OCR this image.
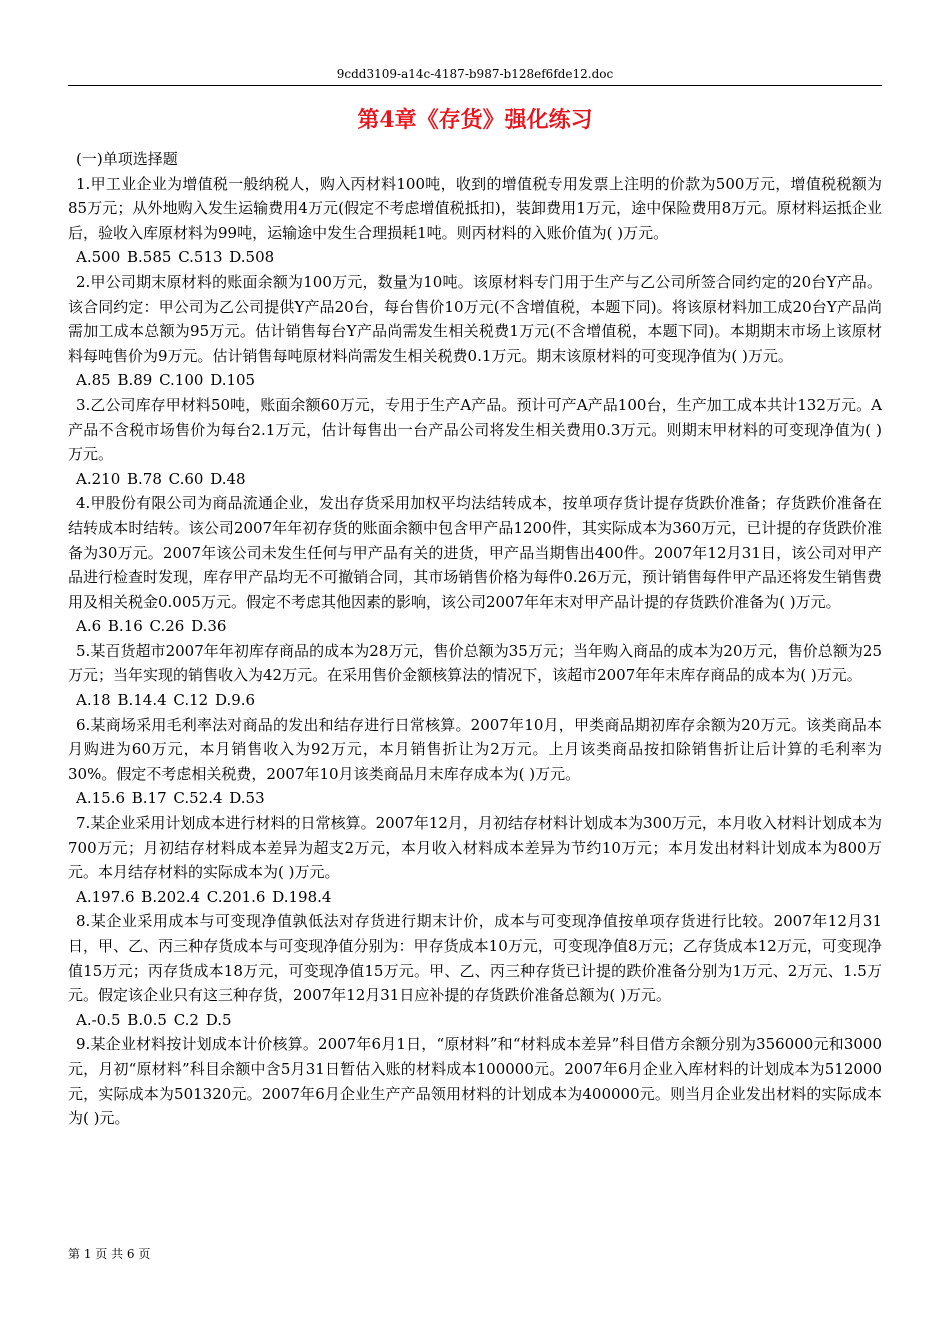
9cdd3109-a14c-4187-b987-b128ef6fde12.doc
第4章《存货》强化练习

(一)单项选择题

1.甲工业企业为增值税一般纳税人，购入丙材料100吨，收到的增值税专用发票上注明的价款为500万元，增值税税额为85万元；从外地购入发生运输费用4万元(假定不考虑增值税抵扣)，装卸费用1万元，途中保险费用8万元。原材料运抵企业后，验收入库原材料为99吨，运输途中发生合理损耗1吨。则丙材料的入账价值为( )万元。

A.500 B.585 C.513 D.508

2.甲公司期末原材料的账面余额为100万元，数量为10吨。该原材料专门用于生产与乙公司所签合同约定的20台Y产品。该合同约定：甲公司为乙公司提供Y产品20台，每台售价10万元(不含增值税，本题下同)。将该原材料加工成20台Y产品尚需加工成本总额为95万元。估计销售每台Y产品尚需发生相关税费1万元(不含增值税，本题下同)。本期期末市场上该原材料每吨售价为9万元。估计销售每吨原材料尚需发生相关税费0.1万元。期末该原材料的可变现净值为( )万元。

A.85 B.89 C.100 D.105

3.乙公司库存甲材料50吨，账面余额60万元，专用于生产A产品。预计可产A产品100台，生产加工成本共计132万元。A产品不含税市场售价为每台2.1万元，估计每售出一台产品公司将发生相关费用0.3万元。则期末甲材料的可变现净值为( )万元。

A.210 B.78 C.60 D.48

4.甲股份有限公司为商品流通企业，发出存货采用加权平均法结转成本，按单项存货计提存货跌价准备；存货跌价准备在结转成本时结转。该公司2007年年初存货的账面余额中包含甲产品1200件，其实际成本为360万元，已计提的存货跌价准备为30万元。2007年该公司未发生任何与甲产品有关的进货，甲产品当期售出400件。2007年12月31日，该公司对甲产品进行检查时发现，库存甲产品均无不可撤销合同，其市场销售价格为每件0.26万元，预计销售每件甲产品还将发生销售费用及相关税金0.005万元。假定不考虑其他因素的影响，该公司2007年年末对甲产品计提的存货跌价准备为( )万元。

A.6 B.16 C.26 D.36

5.某百货超市2007年年初库存商品的成本为28万元，售价总额为35万元；当年购入商品的成本为20万元，售价总额为25万元；当年实现的销售收入为42万元。在采用售价金额核算法的情况下，该超市2007年年末库存商品的成本为( )万元。

A.18 B.14.4 C.12 D.9.6

6.某商场采用毛利率法对商品的发出和结存进行日常核算。2007年10月，甲类商品期初库存余额为20万元。该类商品本月购进为60万元，本月销售收入为92万元，本月销售折让为2万元。上月该类商品按扣除销售折让后计算的毛利率为30%。假定不考虑相关税费，2007年10月该类商品月末库存成本为( )万元。

A.15.6 B.17 C.52.4 D.53

7.某企业采用计划成本进行材料的日常核算。2007年12月，月初结存材料计划成本为300万元，本月收入材料计划成本为700万元；月初结存材料成本差异为超支2万元，本月收入材料成本差异为节约10万元；本月发出材料计划成本为800万元。本月结存材料的实际成本为( )万元。

A.197.6 B.202.4 C.201.6 D.198.4

8.某企业采用成本与可变现净值孰低法对存货进行期末计价，成本与可变现净值按单项存货进行比较。2007年12月31日，甲、乙、丙三种存货成本与可变现净值分别为：甲存货成本10万元，可变现净值8万元；乙存货成本12万元，可变现净值15万元；丙存货成本18万元，可变现净值15万元。甲、乙、丙三种存货已计提的跌价准备分别为1万元、2万元、1.5万元。假定该企业只有这三种存货，2007年12月31日应补提的存货跌价准备总额为( )万元。

A.-0.5 B.0.5 C.2 D.5

9.某企业材料按计划成本计价核算。2007年6月1日，“原材料”和“材料成本差异”科目借方余额分别为356000元和3000元，月初“原材料”科目余额中含5月31日暂估入账的材料成本100000元。2007年6月企业入库材料的计划成本为512000元，实际成本为501320元。2007年6月企业生产产品领用材料的计划成本为400000元。则当月企业发出材料的实际成本为( )元。

第 1 页 共 6 页
